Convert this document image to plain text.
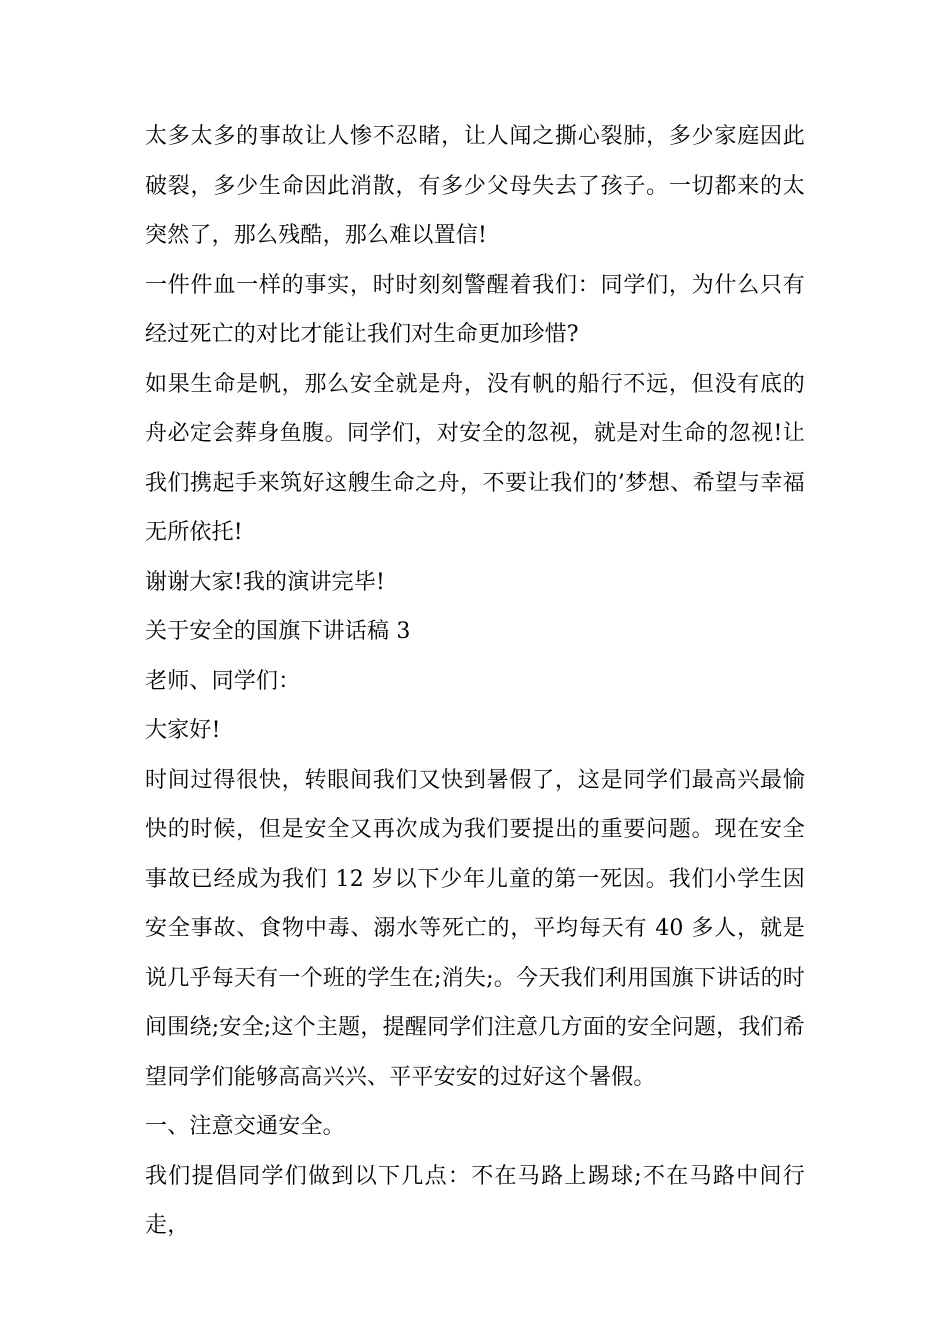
太多太多的事故让人惨不忍睹，让人闻之撕心裂肺，多少家庭因此破裂，多少生命因此消散，有多少父母失去了孩子。一切都来的太突然了，那么残酷，那么难以置信!

一件件血一样的事实，时时刻刻警醒着我们：同学们，为什么只有经过死亡的对比才能让我们对生命更加珍惜?

如果生命是帆，那么安全就是舟，没有帆的船行不远，但没有底的舟必定会葬身鱼腹。同学们，对安全的忽视，就是对生命的忽视!让我们携起手来筑好这艘生命之舟，不要让我们的’梦想、希望与幸福无所依托!

谢谢大家!我的演讲完毕!

关于安全的国旗下讲话稿 3

老师、同学们：

大家好!

时间过得很快，转眼间我们又快到暑假了，这是同学们最高兴最愉快的时候，但是安全又再次成为我们要提出的重要问题。现在安全事故已经成为我们 12 岁以下少年儿童的第一死因。我们小学生因安全事故、食物中毒、溺水等死亡的，平均每天有 40 多人，就是说几乎每天有一个班的学生在;消失;。今天我们利用国旗下讲话的时间围绕;安全;这个主题，提醒同学们注意几方面的安全问题，我们希望同学们能够高高兴兴、平平安安的过好这个暑假。

一、注意交通安全。

我们提倡同学们做到以下几点：不在马路上踢球;不在马路中间行走，
